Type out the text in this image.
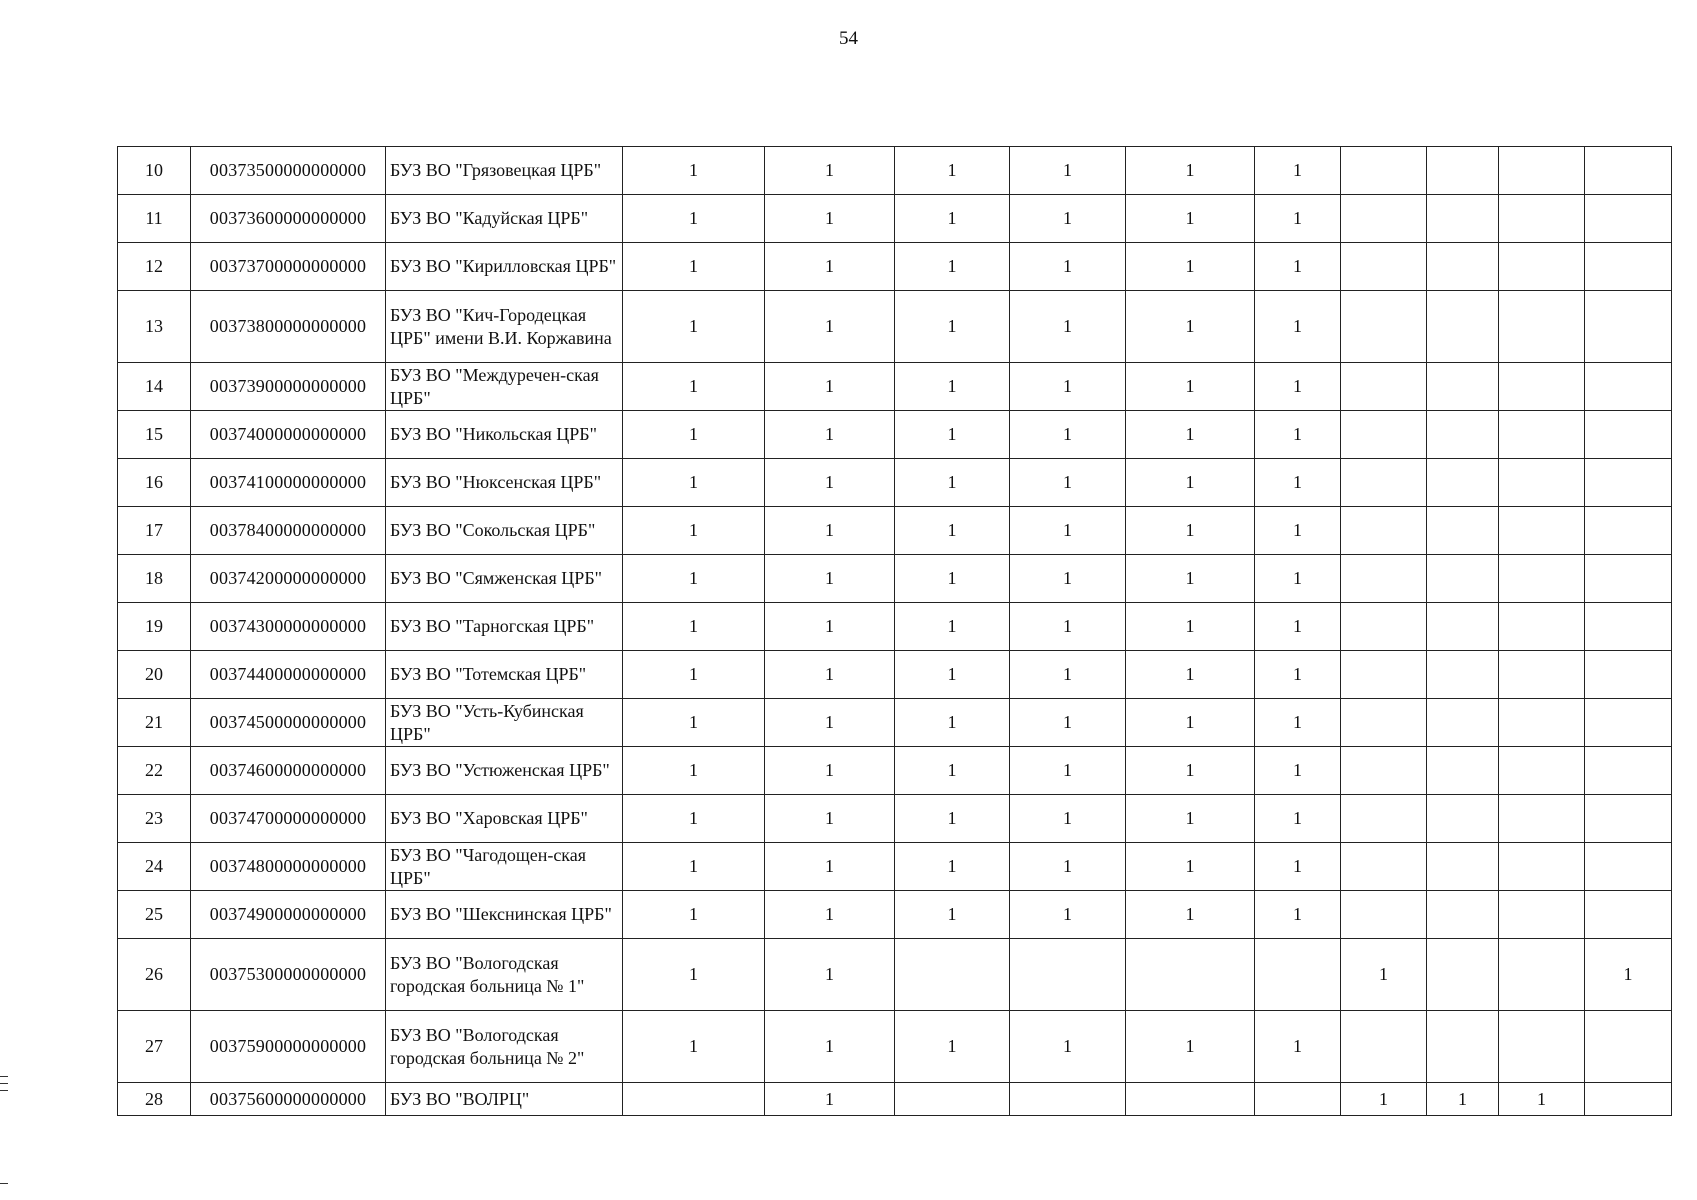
54
10	00373500000000000	БУЗ ВО "Грязовецкая ЦРБ"	1	1	1	1	1	1				
11	00373600000000000	БУЗ ВО "Кадуйская ЦРБ"	1	1	1	1	1	1				
12	00373700000000000	БУЗ ВО "Кирилловская ЦРБ"	1	1	1	1	1	1				
13	00373800000000000	БУЗ ВО "Кич-Городецкая ЦРБ" имени В.И. Коржавина	1	1	1	1	1	1				
14	00373900000000000	БУЗ ВО "Междуречен-ская ЦРБ"	1	1	1	1	1	1				
15	00374000000000000	БУЗ ВО "Никольская ЦРБ"	1	1	1	1	1	1				
16	00374100000000000	БУЗ ВО "Нюксенская ЦРБ"	1	1	1	1	1	1				
17	00378400000000000	БУЗ ВО "Сокольская ЦРБ"	1	1	1	1	1	1				
18	00374200000000000	БУЗ ВО "Сямженская ЦРБ"	1	1	1	1	1	1				
19	00374300000000000	БУЗ ВО "Тарногская ЦРБ"	1	1	1	1	1	1				
20	00374400000000000	БУЗ ВО "Тотемская ЦРБ"	1	1	1	1	1	1				
21	00374500000000000	БУЗ ВО "Усть-Кубинская ЦРБ"	1	1	1	1	1	1				
22	00374600000000000	БУЗ ВО "Устюженская ЦРБ"	1	1	1	1	1	1				
23	00374700000000000	БУЗ ВО "Харовская ЦРБ"	1	1	1	1	1	1				
24	00374800000000000	БУЗ ВО "Чагодощен-ская ЦРБ"	1	1	1	1	1	1				
25	00374900000000000	БУЗ ВО "Шекснинская ЦРБ"	1	1	1	1	1	1				
26	00375300000000000	БУЗ ВО "Вологодская городская больница № 1"	1	1					1			1
27	00375900000000000	БУЗ ВО "Вологодская городская больница № 2"	1	1	1	1	1	1				
28	00375600000000000	БУЗ ВО "ВОЛРЦ"		1					1	1	1	
